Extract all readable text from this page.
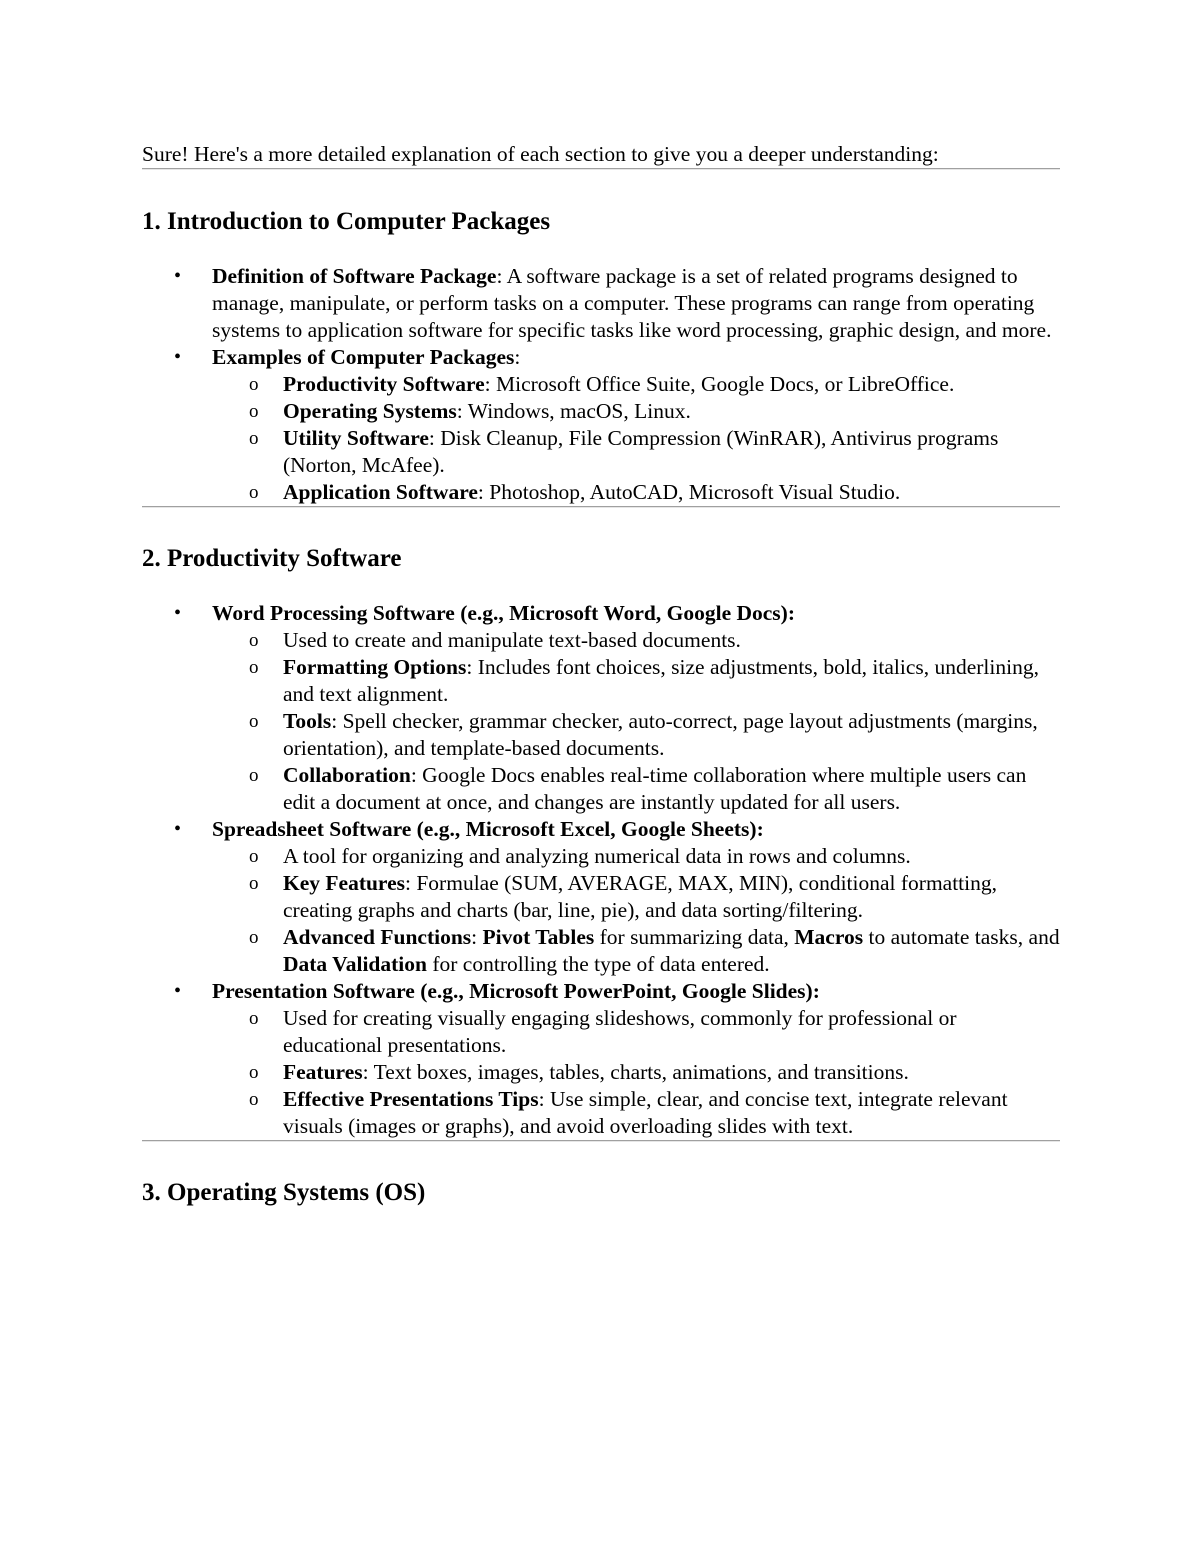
Sure! Here's a more detailed explanation of each section to give you a deeper understanding:

1. Introduction to Computer Packages
• Definition of Software Package: A software package is a set of related programs designed to manage, manipulate, or perform tasks on a computer. These programs can range from operating systems to application software for specific tasks like word processing, graphic design, and more.
• Examples of Computer Packages:
o Productivity Software: Microsoft Office Suite, Google Docs, or LibreOffice.
o Operating Systems: Windows, macOS, Linux.
o Utility Software: Disk Cleanup, File Compression (WinRAR), Antivirus programs (Norton, McAfee).
o Application Software: Photoshop, AutoCAD, Microsoft Visual Studio.
2. Productivity Software
• Word Processing Software (e.g., Microsoft Word, Google Docs):
o Used to create and manipulate text-based documents.
o Formatting Options: Includes font choices, size adjustments, bold, italics, underlining, and text alignment.
o Tools: Spell checker, grammar checker, auto-correct, page layout adjustments (margins, orientation), and template-based documents.
o Collaboration: Google Docs enables real-time collaboration where multiple users can edit a document at once, and changes are instantly updated for all users.
• Spreadsheet Software (e.g., Microsoft Excel, Google Sheets):
o A tool for organizing and analyzing numerical data in rows and columns.
o Key Features: Formulae (SUM, AVERAGE, MAX, MIN), conditional formatting, creating graphs and charts (bar, line, pie), and data sorting/filtering.
o Advanced Functions: Pivot Tables for summarizing data, Macros to automate tasks, and Data Validation for controlling the type of data entered.
• Presentation Software (e.g., Microsoft PowerPoint, Google Slides):
o Used for creating visually engaging slideshows, commonly for professional or educational presentations.
o Features: Text boxes, images, tables, charts, animations, and transitions.
o Effective Presentations Tips: Use simple, clear, and concise text, integrate relevant visuals (images or graphs), and avoid overloading slides with text.
3. Operating Systems (OS)
